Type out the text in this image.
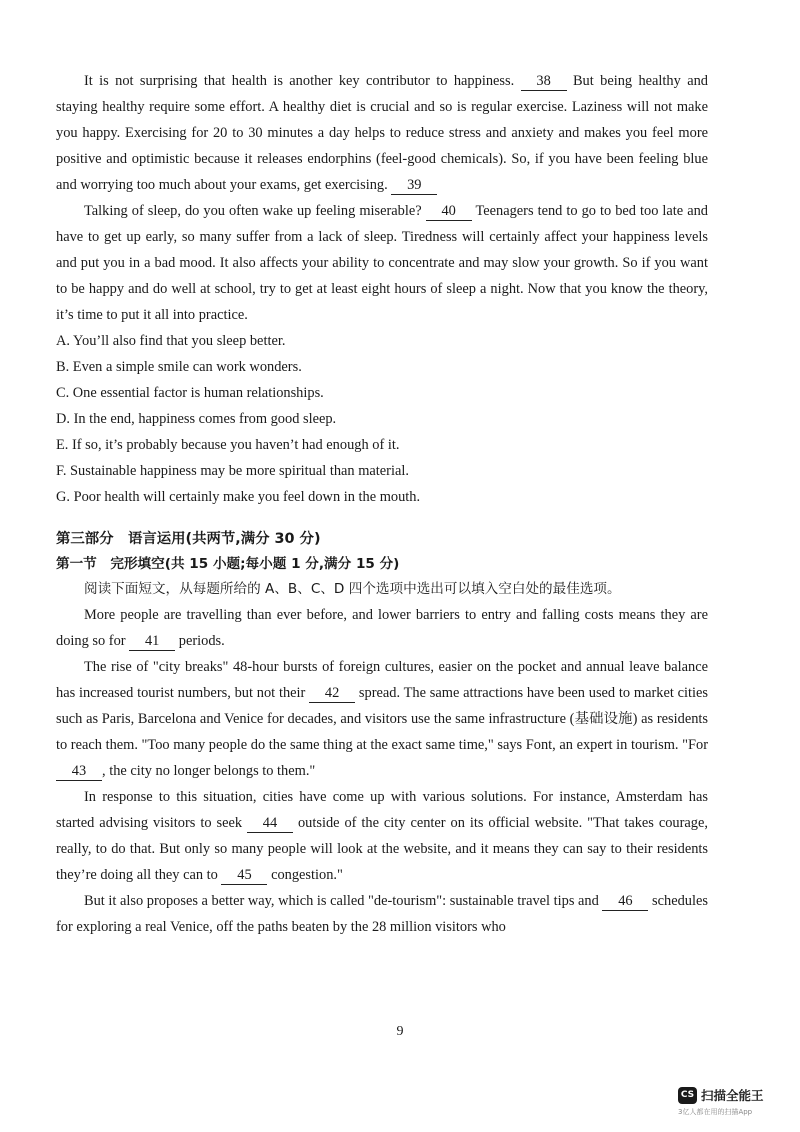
It is not surprising that health is another key contributor to happiness. 38 But being healthy and staying healthy require some effort. A healthy diet is crucial and so is regular exercise. Laziness will not make you happy. Exercising for 20 to 30 minutes a day helps to reduce stress and anxiety and makes you feel more positive and optimistic because it releases endorphins (feel-good chemicals). So, if you have been feeling blue and worrying too much about your exams, get exercising. 39

Talking of sleep, do you often wake up feeling miserable? 40 Teenagers tend to go to bed too late and have to get up early, so many suffer from a lack of sleep. Tiredness will certainly affect your happiness levels and put you in a bad mood. It also affects your ability to concentrate and may slow your growth. So if you want to be happy and do well at school, try to get at least eight hours of sleep a night. Now that you know the theory, it’s time to put it all into practice.

A. You’ll also find that you sleep better.

B. Even a simple smile can work wonders.

C. One essential factor is human relationships.

D. In the end, happiness comes from good sleep.

E. If so, it’s probably because you haven’t had enough of it.

F. Sustainable happiness may be more spiritual than material.

G. Poor health will certainly make you feel down in the mouth.

第三部分　语言运用(共两节,满分 30 分)

第一节　完形填空(共 15 小题;每小题 1 分,满分 15 分)

阅读下面短文，从每题所给的 A、B、C、D 四个选项中选出可以填入空白处的最佳选项。

More people are travelling than ever before, and lower barriers to entry and falling costs means they are doing so for 41 periods.

The rise of "city breaks" 48-hour bursts of foreign cultures, easier on the pocket and annual leave balance has increased tourist numbers, but not their 42 spread. The same attractions have been used to market cities such as Paris, Barcelona and Venice for decades, and visitors use the same infrastructure (基础设施) as residents to reach them. "Too many people do the same thing at the exact same time," says Font, an expert in tourism. "For 43 , the city no longer belongs to them."

In response to this situation, cities have come up with various solutions. For instance, Amsterdam has started advising visitors to seek 44 outside of the city center on its official website. "That takes courage, really, to do that. But only so many people will look at the website, and it means they can say to their residents they’re doing all they can to 45 congestion."

But it also proposes a better way, which is called "de-tourism": sustainable travel tips and 46 schedules for exploring a real Venice, off the paths beaten by the 28 million visitors who

9
CS 扫描全能王
3亿人都在用的扫描App
